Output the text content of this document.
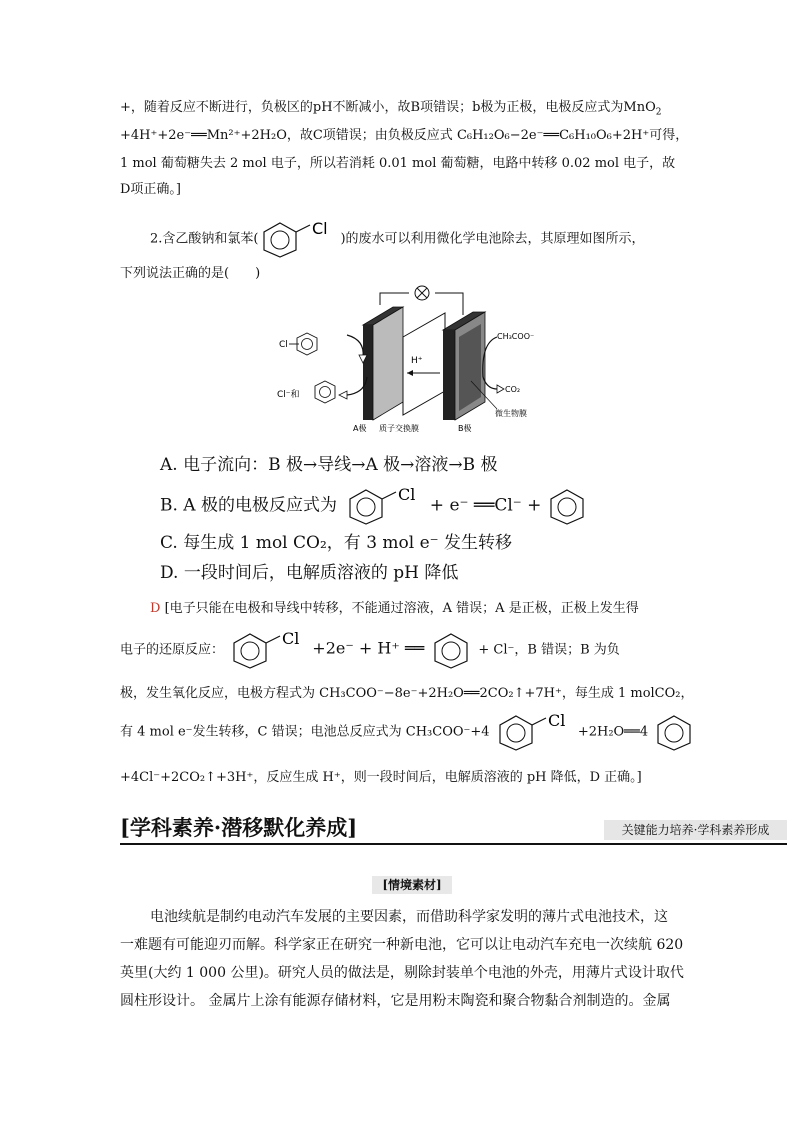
+，随着反应不断进行，负极区的pH不断减小，故B项错误；b极为正极，电极反应式为MnO$_2$
+4H⁺+2e⁻══Mn²⁺+2H₂O，故C项错误；由负极反应式 C₆H₁₂O₆−2e⁻══C₆H₁₀O₆+2H⁺可得，
1 mol 葡萄糖失去 2 mol 电子，所以若消耗 0.01 mol 葡萄糖，电路中转移 0.02 mol 电子，故
D项正确。]
2.含乙酸钠和氯苯(
Cl
)的废水可以利用微化学电池除去，其原理如图所示，
下列说法正确的是(　　)
H⁺
Cl
Cl⁻和
CH₃COO⁻
CO₂
微生物膜
A极 质子交换膜	B极
A. 电子流向：B 极→导线→A 极→溶液→B 极
B. A 极的电极反应式为
Cl
+ e⁻ ══Cl⁻ +
C. 每生成 1 mol CO₂，有 3 mol e⁻ 发生转移
D. 一段时间后，电解质溶液的 pH 降低
D [电子只能在电极和导线中转移，不能通过溶液，A 错误；A 是正极，正极上发生得
电子的还原反应：
Cl +2e⁻ + H⁺ ══	+ Cl⁻，B 错误；B 为负
极，发生氧化反应，电极方程式为 CH₃COO⁻−8e⁻+2H₂O══2CO₂↑+7H⁺，每生成 1 molCO₂，
有 4 mol e⁻发生转移，C 错误；电池总反应式为 CH₃COO⁻+4
Cl
+2H₂O══4
+4Cl⁻+2CO₂↑+3H⁺，反应生成 H⁺，则一段时间后，电解质溶液的 pH 降低，D 正确。]
[学科素养·潜移默化养成]	关键能力培养·学科素养形成
[情境素材]
电池续航是制约电动汽车发展的主要因素，而借助科学家发明的薄片式电池技术，这
一难题有可能迎刃而解。科学家正在研究一种新电池，它可以让电动汽车充电一次续航 620
英里(大约 1 000 公里)。研究人员的做法是，剔除封装单个电池的外壳，用薄片式设计取代
圆柱形设计。 金属片上涂有能源存储材料，它是用粉末陶瓷和聚合物黏合剂制造的。金属
